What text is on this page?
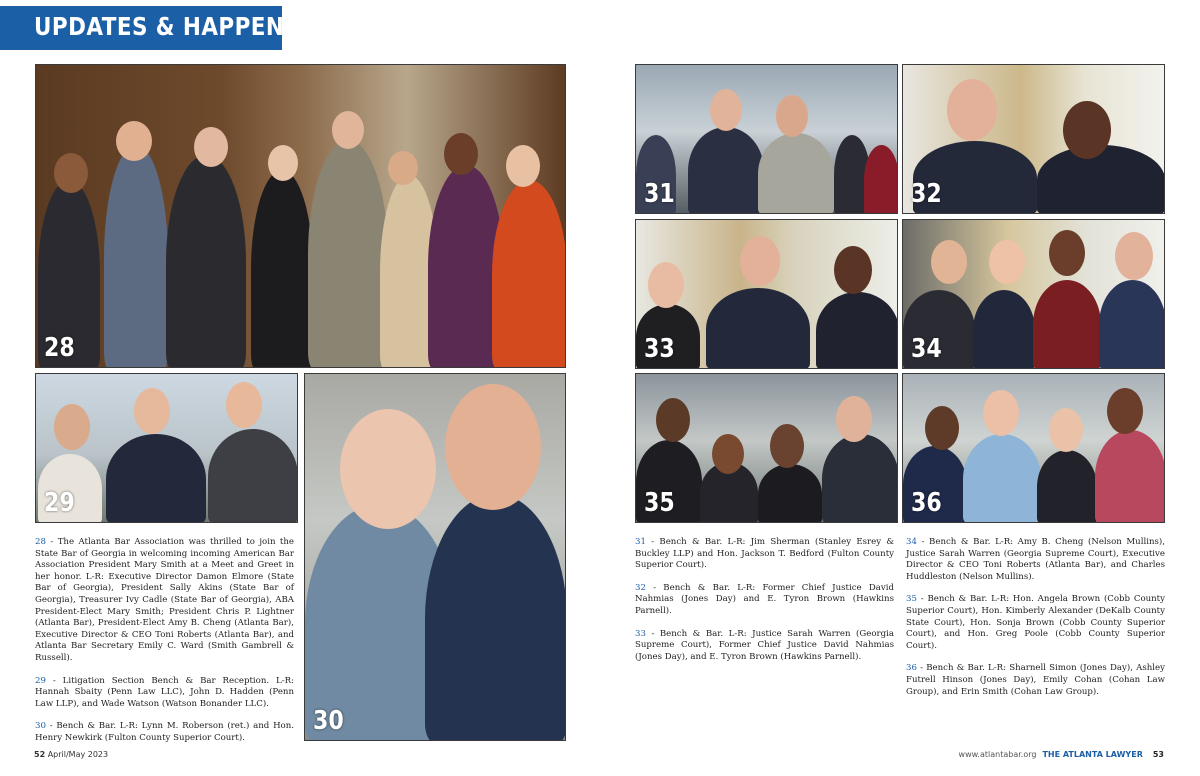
UPDATES & HAPPENINGS
28
29
30
31	32
33	34
35	36

28 - The Atlanta Bar Association was thrilled to join the State Bar of Georgia in welcoming incoming American Bar Association President Mary Smith at a Meet and Greet in her honor. L-R: Executive Director Damon Elmore (State Bar of Georgia), President Sally Akins (State Bar of Georgia), Treasurer Ivy Cadle (State Bar of Georgia), ABA President-Elect Mary Smith; President Chris P. Lightner (Atlanta Bar), President-Elect Amy B. Cheng (Atlanta Bar), Executive Director & CEO Toni Roberts (Atlanta Bar), and Atlanta Bar Secretary Emily C. Ward (Smith Gambrell & Russell).

29 - Litigation Section Bench & Bar Reception. L-R: Hannah Sbaity (Penn Law LLC), John D. Hadden (Penn Law LLP), and Wade Watson (Watson Bonander LLC).

30 - Bench & Bar. L-R: Lynn M. Roberson (ret.) and Hon. Henry Newkirk (Fulton County Superior Court).

31 - Bench & Bar. L-R: Jim Sherman (Stanley Esrey & Buckley LLP) and Hon. Jackson T. Bedford (Fulton County Superior Court).

32 - Bench & Bar. L-R: Former Chief Justice David Nahmias (Jones Day) and E. Tyron Brown (Hawkins Parnell).

33 - Bench & Bar. L-R: Justice Sarah Warren (Georgia Supreme Court), Former Chief Justice David Nahmias (Jones Day), and E. Tyron Brown (Hawkins Parnell).

34 - Bench & Bar. L-R: Amy B. Cheng (Nelson Mullins), Justice Sarah Warren (Georgia Supreme Court), Executive Director & CEO Toni Roberts (Atlanta Bar), and Charles Huddleston (Nelson Mullins).

35 - Bench & Bar. L-R: Hon. Angela Brown (Cobb County Superior Court), Hon. Kimberly Alexander (DeKalb County State Court), Hon. Sonja Brown (Cobb County Superior Court), and Hon. Greg Poole (Cobb County Superior Court).

36 - Bench & Bar. L-R: Sharnell Simon (Jones Day), Ashley Futrell Hinson (Jones Day), Emily Cohan (Cohan Law Group), and Erin Smith (Cohan Law Group).

52 April/May 2023	www.atlantabar.org THE ATLANTA LAWYER 53
